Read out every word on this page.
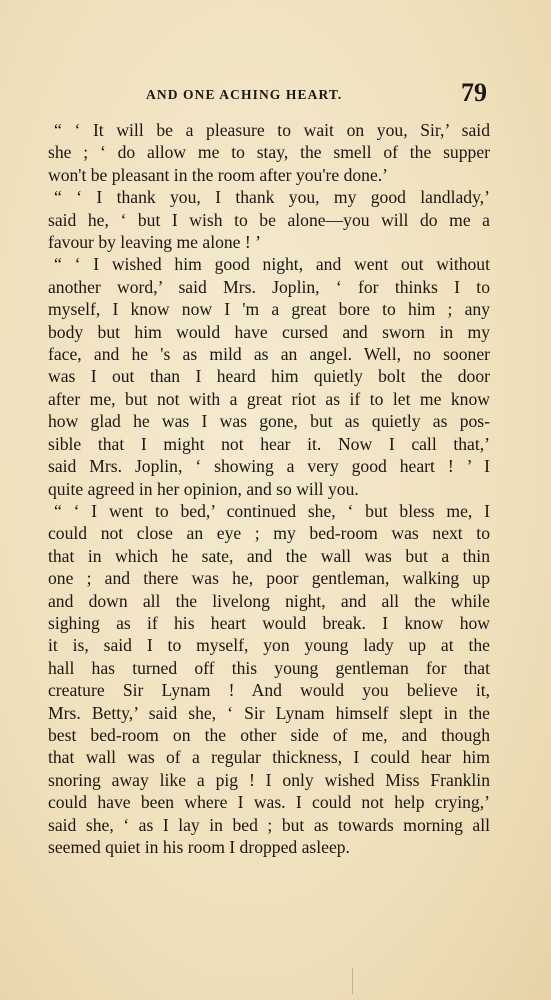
AND ONE ACHING HEART.	79
“ ‘ It will be a pleasure to wait on you, Sir,’ said
she ; ‘ do allow me to stay, the smell of the supper
won't be pleasant in the room after you're done.’
“ ‘ I thank you, I thank you, my good landlady,’
said he, ‘ but I wish to be alone—you will do me a
favour by leaving me alone ! ’
“ ‘ I wished him good night, and went out without
another word,’ said Mrs. Joplin, ‘ for thinks I to
myself, I know now I 'm a great bore to him ; any
body but him would have cursed and sworn in my
face, and he 's as mild as an angel. Well, no sooner
was I out than I heard him quietly bolt the door
after me, but not with a great riot as if to let me know
how glad he was I was gone, but as quietly as pos-
sible that I might not hear it. Now I call that,’
said Mrs. Joplin, ‘ showing a very good heart ! ’ I
quite agreed in her opinion, and so will you.
“ ‘ I went to bed,’ continued she, ‘ but bless me, I
could not close an eye ; my bed-room was next to
that in which he sate, and the wall was but a thin
one ; and there was he, poor gentleman, walking up
and down all the livelong night, and all the while
sighing as if his heart would break. I know how
it is, said I to myself, yon young lady up at the
hall has turned off this young gentleman for that
creature Sir Lynam ! And would you believe it,
Mrs. Betty,’ said she, ‘ Sir Lynam himself slept in the
best bed-room on the other side of me, and though
that wall was of a regular thickness, I could hear him
snoring away like a pig ! I only wished Miss Franklin
could have been where I was. I could not help crying,’
said she, ‘ as I lay in bed ; but as towards morning all
seemed quiet in his room I dropped asleep.
